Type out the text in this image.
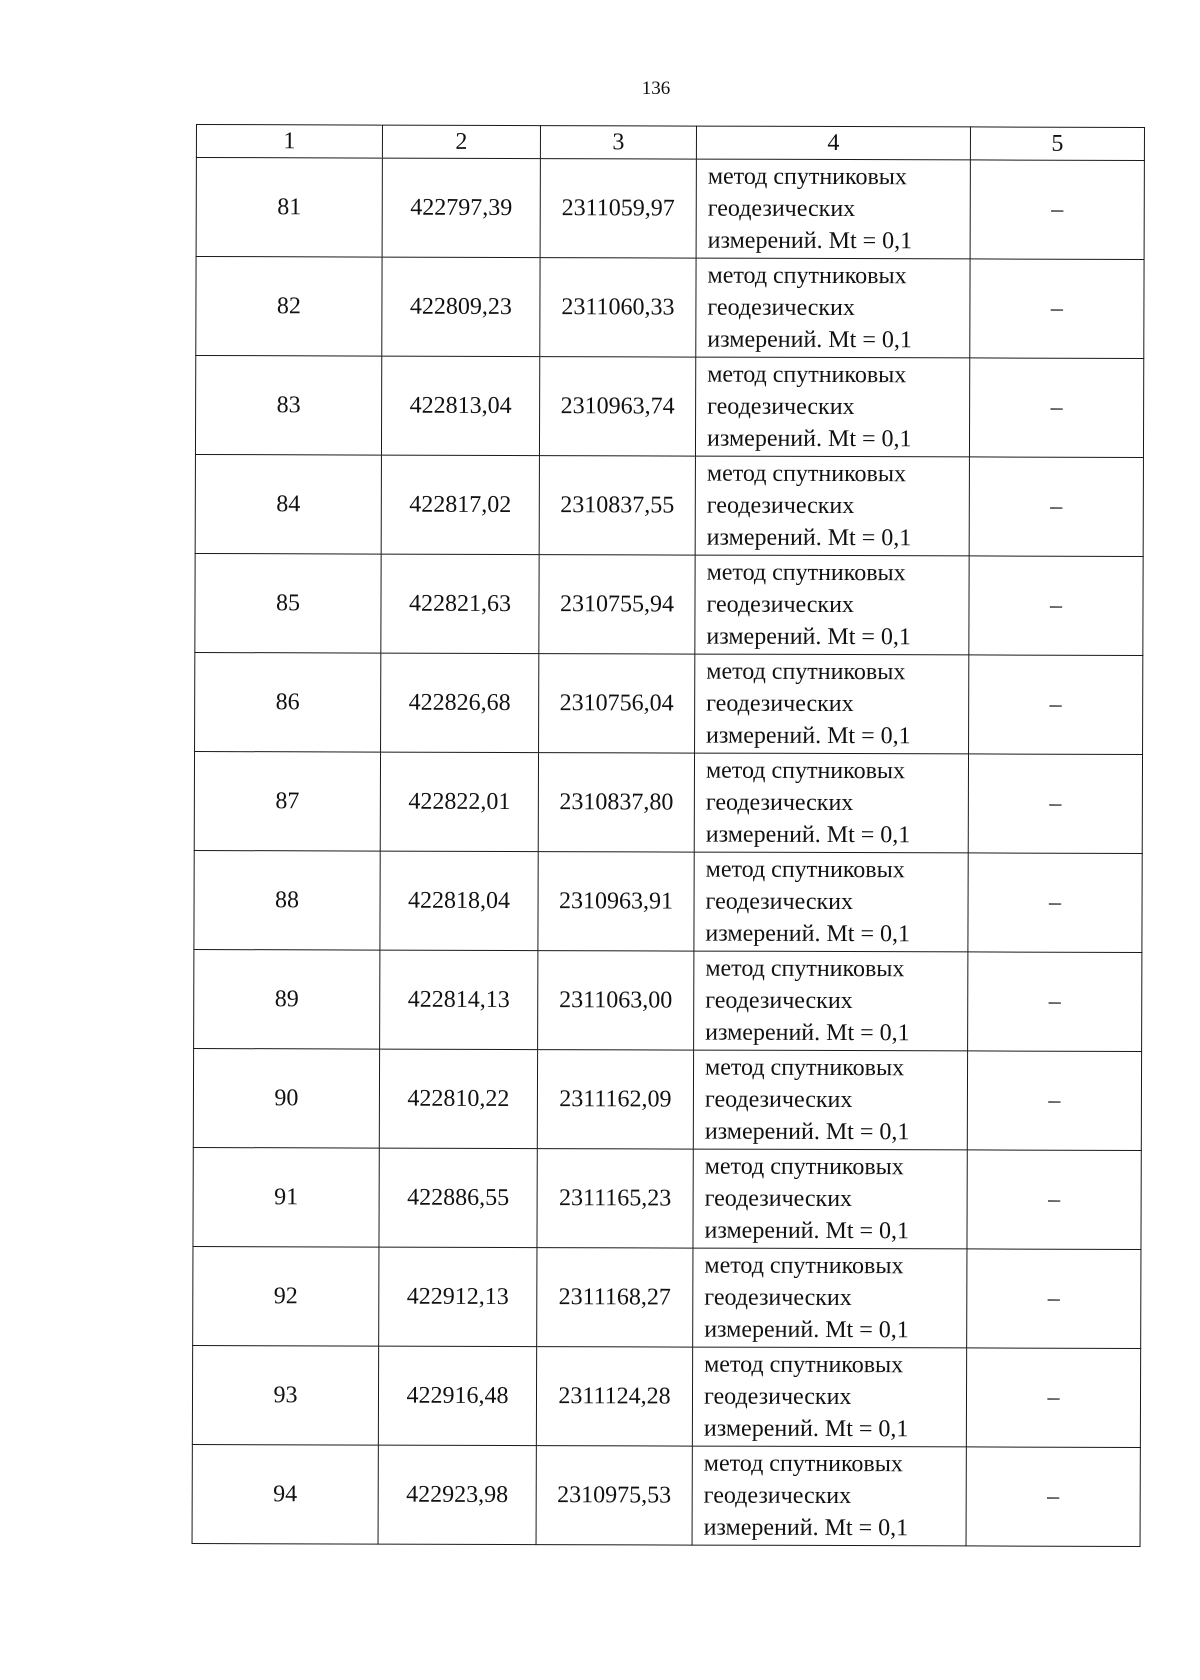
136
1	2	3	4	5
81	422797,39	2311059,97	метод спутниковых
геодезических
измерений. Mt = 0,1	–
82	422809,23	2311060,33	метод спутниковых
геодезических
измерений. Mt = 0,1	–
83	422813,04	2310963,74	метод спутниковых
геодезических
измерений. Mt = 0,1	–
84	422817,02	2310837,55	метод спутниковых
геодезических
измерений. Mt = 0,1	–
85	422821,63	2310755,94	метод спутниковых
геодезических
измерений. Mt = 0,1	–
86	422826,68	2310756,04	метод спутниковых
геодезических
измерений. Mt = 0,1	–
87	422822,01	2310837,80	метод спутниковых
геодезических
измерений. Mt = 0,1	–
88	422818,04	2310963,91	метод спутниковых
геодезических
измерений. Mt = 0,1	–
89	422814,13	2311063,00	метод спутниковых
геодезических
измерений. Mt = 0,1	–
90	422810,22	2311162,09	метод спутниковых
геодезических
измерений. Mt = 0,1	–
91	422886,55	2311165,23	метод спутниковых
геодезических
измерений. Mt = 0,1	–
92	422912,13	2311168,27	метод спутниковых
геодезических
измерений. Mt = 0,1	–
93	422916,48	2311124,28	метод спутниковых
геодезических
измерений. Mt = 0,1	–
94	422923,98	2310975,53	метод спутниковых
геодезических
измерений. Mt = 0,1	–
